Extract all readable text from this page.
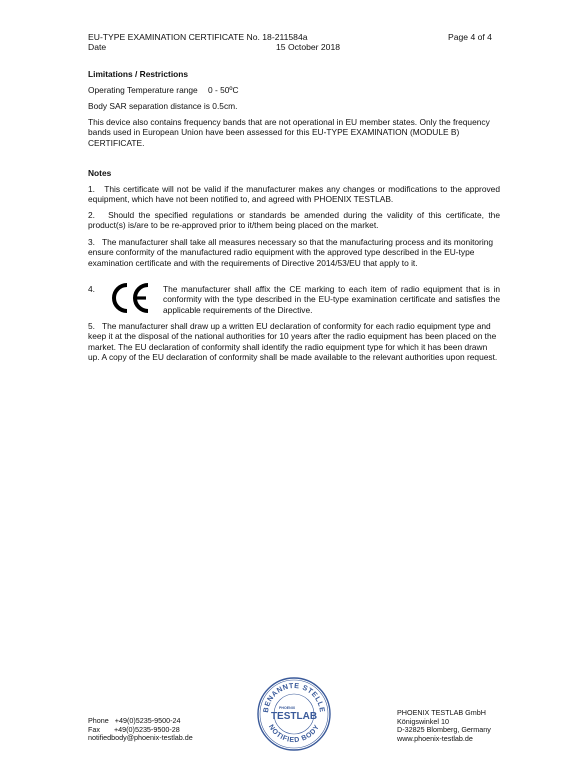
EU-TYPE EXAMINATION CERTIFICATE No. 18-211584a	Page 4 of 4
Date	15 October 2018
Limitations / Restrictions
Operating Temperature range 0 - 50ºC
Body SAR separation distance is 0.5cm.
This device also contains frequency bands that are not operational in EU member states. Only the frequency bands used in European Union have been assessed for this EU-TYPE EXAMINATION (MODULE B) CERTIFICATE.
Notes
1. This certificate will not be valid if the manufacturer makes any changes or modifications to the approved equipment, which have not been notified to, and agreed with PHOENIX TESTLAB.
2. Should the specified regulations or standards be amended during the validity of this certificate, the product(s) is/are to be re-approved prior to it/them being placed on the market.
3. The manufacturer shall take all measures necessary so that the manufacturing process and its monitoring ensure conformity of the manufactured radio equipment with the approved type described in the EU-type examination certificate and with the requirements of Directive 2014/53/EU that apply to it.
4.	The manufacturer shall affix the CE marking to each item of radio equipment that is in conformity with the type described in the EU-type examination certificate and satisfies the applicable requirements of the Directive.
5. The manufacturer shall draw up a written EU declaration of conformity for each radio equipment type and keep it at the disposal of the national authorities for 10 years after the radio equipment has been placed on the market. The EU declaration of conformity shall identify the radio equipment type for which it has been drawn up. A copy of the EU declaration of conformity shall be made available to the relevant authorities upon request.
Phone +49(0)5235-9500-24
Fax +49(0)5235-9500-28
notifiedbody@phoenix-testlab.de
BENANNTE STELLE
NOTIFIED BODY
PHOENIX
TESTLAB	PHOENIX TESTLAB GmbH
Königswinkel 10
D-32825 Blomberg, Germany
www.phoenix-testlab.de
